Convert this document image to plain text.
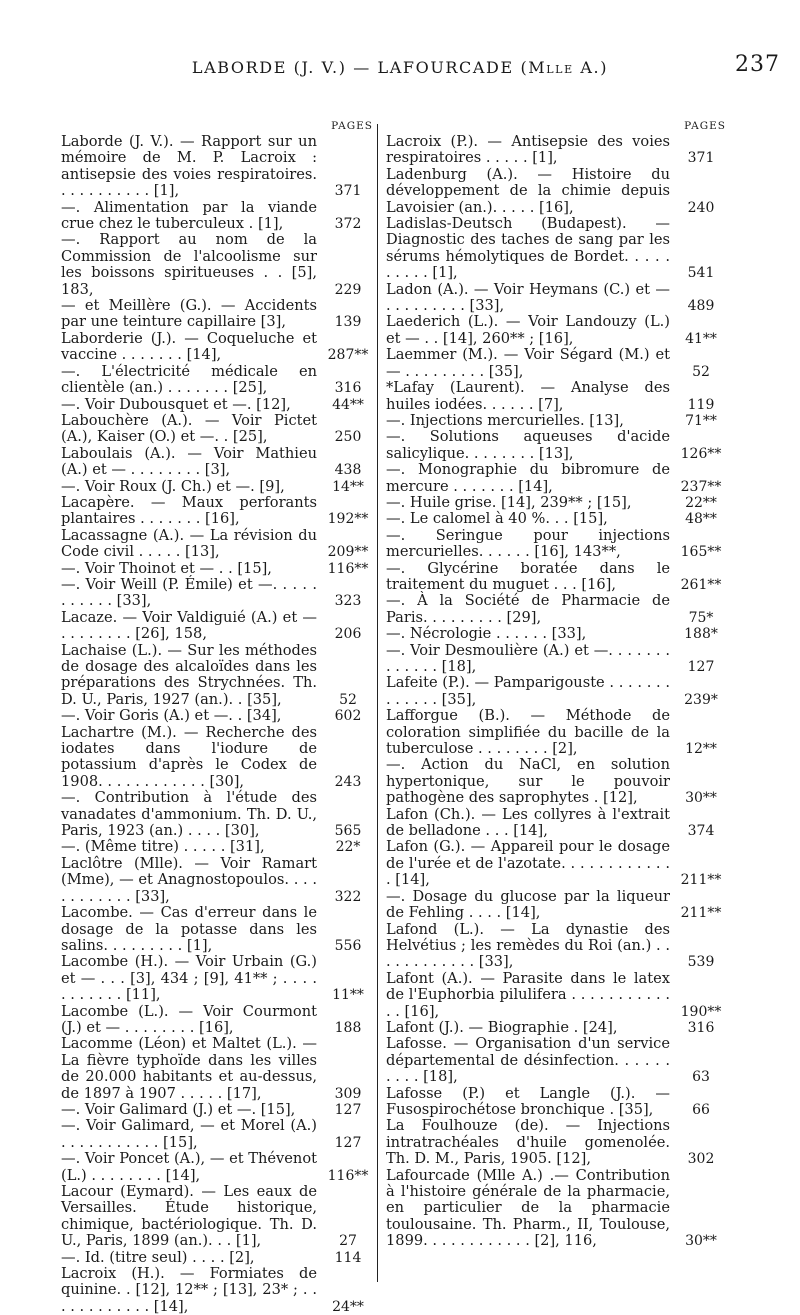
LABORDE (J. V.) — LAFOURCADE (Mlle A.)	237
PAGES
Laborde (J. V.). — Rapport sur un mémoire de M. P. Lacroix : antisepsie des voies respiratoires. . . . . . . . . . . [1],	371
—. Alimentation par la viande crue chez le tuberculeux . [1],	372
—. Rapport au nom de la Commission de l'alcoolisme sur les boissons spiritueuses . . [5], 183,	229
— et Meillère (G.). — Accidents par une teinture capillaire [3],	139
Laborderie (J.). — Coqueluche et vaccine . . . . . . . [14],	287**
—. L'électricité médicale en clientèle (an.) . . . . . . . [25],	316
—. Voir Dubousquet et —. [12],	44**
Labouchère (A.). — Voir Pictet (A.), Kaiser (O.) et —. . [25],	250
Laboulais (A.). — Voir Mathieu (A.) et — . . . . . . . . [3],	438
—. Voir Roux (J. Ch.) et —. [9],	14**
Lacapère. — Maux perforants plantaires . . . . . . . [16],	192**
Lacassagne (A.). — La révision du Code civil . . . . . [13],	209**
—. Voir Thoinot et — . . [15],	116**
—. Voir Weill (P. Émile) et —. . . . . . . . . . . [33],	323
Lacaze. — Voir Valdiguié (A.) et — . . . . . . . . [26], 158,	206
Lachaise (L.). — Sur les méthodes de dosage des alcaloïdes dans les préparations des Strychnées. Th. D. U., Paris, 1927 (an.). . [35],	52
—. Voir Goris (A.) et —. . [34],	602
Lachartre (M.). — Recherche des iodates dans l'iodure de potassium d'après le Codex de 1908. . . . . . . . . . . . [30],	243
—. Contribution à l'étude des vanadates d'ammonium. Th. D. U., Paris, 1923 (an.) . . . . [30],	565
—. (Même titre) . . . . . [31],	22*
Laclôtre (Mlle). — Voir Ramart (Mme), — et Anagnostopoulos. . . . . . . . . . . . [33],	322
Lacombe. — Cas d'erreur dans le dosage de la potasse dans les salins. . . . . . . . . [1],	556
Lacombe (H.). — Voir Urbain (G.) et — . . . [3], 434 ; [9], 41** ; . . . . . . . . . . . [11],	11**
Lacombe (L.). — Voir Courmont (J.) et — . . . . . . . . [16],	188
Lacomme (Léon) et Maltet (L.). — La fièvre typhoïde dans les villes de 20.000 habitants et au-dessus, de 1897 à 1907 . . . . . [17],	309
—. Voir Galimard (J.) et —. [15],	127
—. Voir Galimard, — et Morel (A.) . . . . . . . . . . . [15],	127
—. Voir Poncet (A.), — et Thévenot (L.) . . . . . . . . [14],	116**
Lacour (Eymard). — Les eaux de Versailles. Étude historique, chimique, bactériologique. Th. D. U., Paris, 1899 (an.). . . [1],	27
—. Id. (titre seul) . . . . [2],	114
Lacroix (H.). — Formiates de quinine. . [12], 12** ; [13], 23* ; . . . . . . . . . . . . [14],	24**
PAGES
Lacroix (P.). — Antisepsie des voies respiratoires . . . . . [1],	371
Ladenburg (A.). — Histoire du développement de la chimie depuis Lavoisier (an.). . . . . [16],	240
Ladislas-Deutsch (Budapest). — Diagnostic des taches de sang par les sérums hémolytiques de Bordet. . . . . . . . . . [1],	541
Ladon (A.). — Voir Heymans (C.) et — . . . . . . . . . [33],	489
Laederich (L.). — Voir Landouzy (L.) et — . . [14], 260** ; [16],	41**
Laemmer (M.). — Voir Ségard (M.) et — . . . . . . . . . [35],	52
*Lafay (Laurent). — Analyse des huiles iodées. . . . . . [7],	119
—. Injections mercurielles. [13],	71**
—. Solutions aqueuses d'acide salicylique. . . . . . . . [13],	126**
—. Monographie du bibromure de mercure . . . . . . . [14],	237**
—. Huile grise. [14], 239** ; [15],	22**
—. Le calomel à 40 %. . . [15],	48**
—. Seringue pour injections mercurielles. . . . . . [16], 143**,	165**
—. Glycérine boratée dans le traitement du muguet . . . [16],	261**
—. À la Société de Pharmacie de Paris. . . . . . . . . [29],	75*
—. Nécrologie . . . . . . [33],	188*
—. Voir Desmoulière (A.) et —. . . . . . . . . . . . . [18],	127
Lafeite (P.). — Pamparigouste . . . . . . . . . . . . . [35],	239*
Lafforgue (B.). — Méthode de coloration simplifiée du bacille de la tuberculose . . . . . . . . [2],	12**
—. Action du NaCl, en solution hypertonique, sur le pouvoir pathogène des saprophytes . [12],	30**
Lafon (Ch.). — Les collyres à l'extrait de belladone . . . [14],	374
Lafon (G.). — Appareil pour le dosage de l'urée et de l'azotate. . . . . . . . . . . . . [14],	211**
—. Dosage du glucose par la liqueur de Fehling . . . . [14],	211**
Lafond (L.). — La dynastie des Helvétius ; les remèdes du Roi (an.) . . . . . . . . . . . . [33],	539
Lafont (A.). — Parasite dans le latex de l'Euphorbia pilulifera . . . . . . . . . . . . . [16],	190**
Lafont (J.). — Biographie . [24],	316
Lafosse. — Organisation d'un service départemental de désinfection. . . . . . . . . . [18],	63
Lafosse (P.) et Langle (J.). — Fusospirochétose bronchique . [35],	66
La Foulhouze (de). — Injections intratrachéales d'huile gomenolée. Th. D. M., Paris, 1905. [12],	302
Lafourcade (Mlle A.) .— Contribution à l'histoire générale de la pharmacie, en particulier de la pharmacie toulousaine. Th. Pharm., II, Toulouse, 1899. . . . . . . . . . . . [2], 116,	30**
